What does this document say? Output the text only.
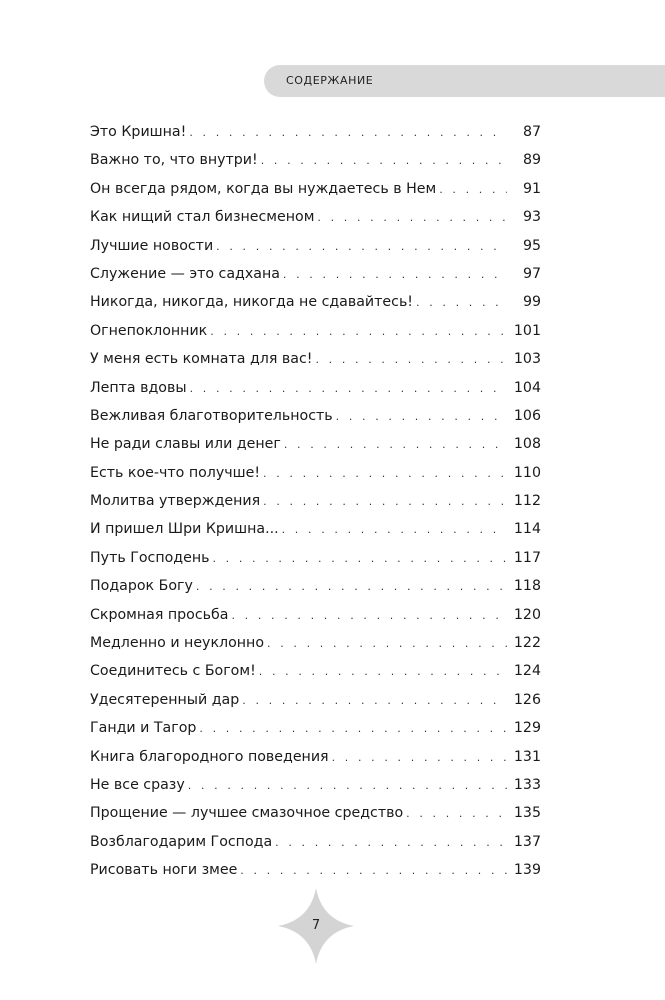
СОДЕРЖАНИЕ
Это Кришна! . . .	87
Важно то, что внутри! . . .	89
Он всегда рядом, когда вы нуждаетесь в Нем . . .	91
Как нищий стал бизнесменом . . .	93
Лучшие новости . . .	95
Служение — это садхана . . .	97
Никогда, никогда, никогда не сдавайтесь! . . .	99
Огнепоклонник . . .	101
У меня есть комната для вас! . . .	103
Лепта вдовы . . .	104
Вежливая благотворительность . . .	106
Не ради славы или денег . . .	108
Есть кое-что получше! . . .	110
Молитва утверждения . . .	112
И пришел Шри Кришна... . . .	114
Путь Господень . . .	117
Подарок Богу . . .	118
Скромная просьба . . .	120
Медленно и неуклонно . . .	122
Соединитесь с Богом! . . .	124
Удесятеренный дар . . .	126
Ганди и Тагор . . .	129
Книга благородного поведения . . .	131
Не все сразу . . .	133
Прощение — лучшее смазочное средство . . .	135
Возблагодарим Господа . . .	137
Рисовать ноги змее . . .	139
7
